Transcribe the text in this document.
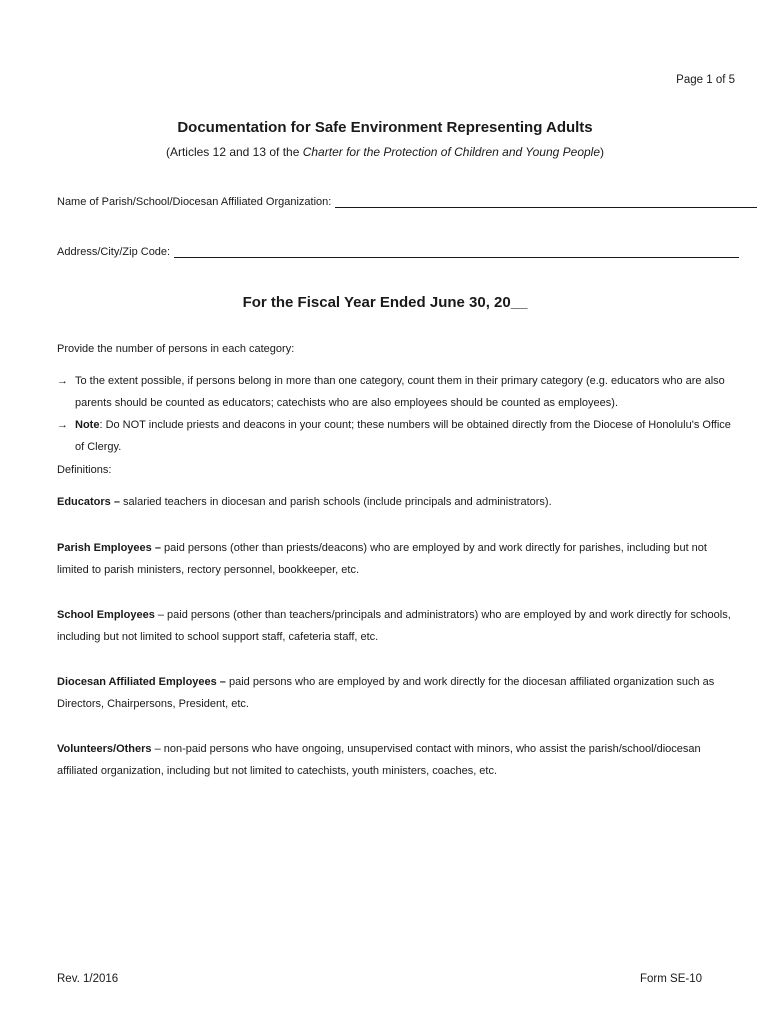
Page 1 of 5
Documentation for Safe Environment Representing Adults
(Articles 12 and 13 of the Charter for the Protection of Children and Young People)
Name of Parish/School/Diocesan Affiliated Organization:
Address/City/Zip Code:
For the Fiscal Year Ended June 30, 20__
Provide the number of persons in each category:
→ To the extent possible, if persons belong in more than one category, count them in their primary category (e.g. educators who are also parents should be counted as educators; catechists who are also employees should be counted as employees).
→ Note: Do NOT include priests and deacons in your count; these numbers will be obtained directly from the Diocese of Honolulu's Office of Clergy.
Definitions:
Educators – salaried teachers in diocesan and parish schools (include principals and administrators).
Parish Employees – paid persons (other than priests/deacons) who are employed by and work directly for parishes, including but not limited to parish ministers, rectory personnel, bookkeeper, etc.
School Employees – paid persons (other than teachers/principals and administrators) who are employed by and work directly for schools, including but not limited to school support staff, cafeteria staff, etc.
Diocesan Affiliated Employees – paid persons who are employed by and work directly for the diocesan affiliated organization such as Directors, Chairpersons, President, etc.
Volunteers/Others – non-paid persons who have ongoing, unsupervised contact with minors, who assist the parish/school/diocesan affiliated organization, including but not limited to catechists, youth ministers, coaches, etc.
Rev. 1/2016	Form SE-10
